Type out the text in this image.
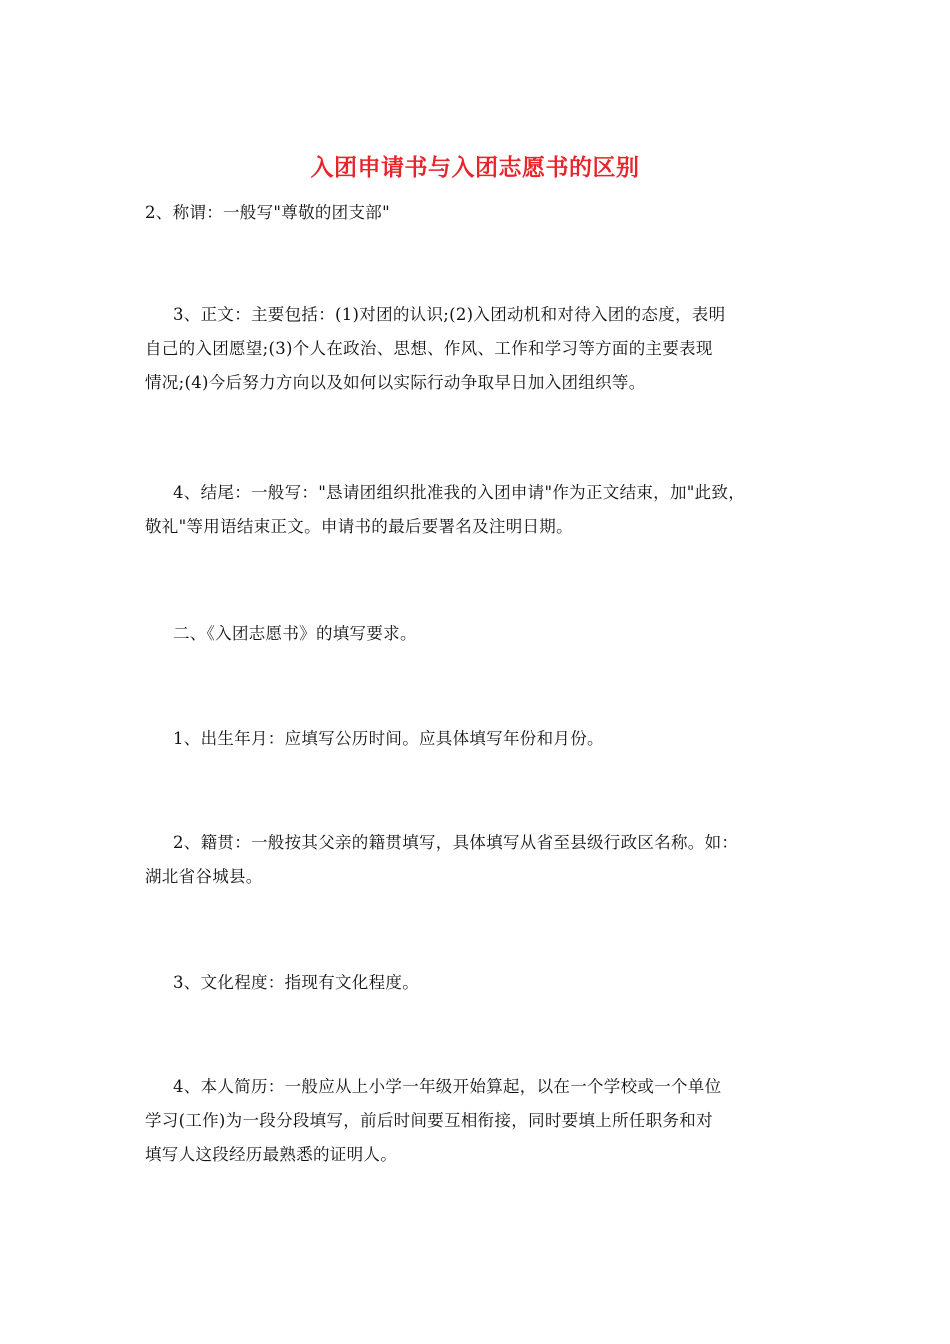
入团申请书与入团志愿书的区别

2、称谓：一般写"尊敬的团支部"

3、正文：主要包括：(1)对团的认识;(2)入团动机和对待入团的态度，表明
自己的入团愿望;(3)个人在政治、思想、作风、工作和学习等方面的主要表现
情况;(4)今后努力方向以及如何以实际行动争取早日加入团组织等。

4、结尾：一般写："恳请团组织批准我的入团申请"作为正文结束，加"此致，
敬礼"等用语结束正文。申请书的最后要署名及注明日期。

二、《入团志愿书》的填写要求。

1、出生年月：应填写公历时间。应具体填写年份和月份。

2、籍贯：一般按其父亲的籍贯填写，具体填写从省至县级行政区名称。如：
湖北省谷城县。

3、文化程度：指现有文化程度。

4、本人简历：一般应从上小学一年级开始算起，以在一个学校或一个单位
学习(工作)为一段分段填写，前后时间要互相衔接，同时要填上所任职务和对
填写人这段经历最熟悉的证明人。
